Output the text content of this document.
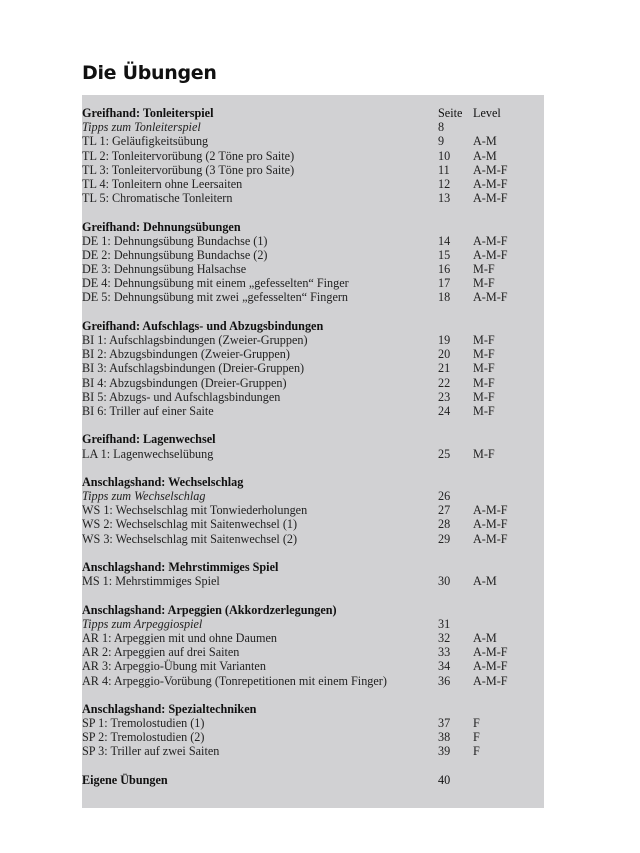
Die Übungen
Greifhand: Tonleiterspiel	Seite Level
Tipps zum Tonleiterspiel	8
TL 1: Geläufigkeitsübung	9 A-M
TL 2: Tonleitervorübung (2 Töne pro Saite)	10 A-M
TL 3: Tonleitervorübung (3 Töne pro Saite)	11 A-M-F
TL 4: Tonleitern ohne Leersaiten	12 A-M-F
TL 5: Chromatische Tonleitern	13 A-M-F
Greifhand: Dehnungsübungen
DE 1: Dehnungsübung Bundachse (1)	14 A-M-F
DE 2: Dehnungsübung Bundachse (2)	15 A-M-F
DE 3: Dehnungsübung Halsachse	16 M-F
DE 4: Dehnungsübung mit einem „gefesselten“ Finger	17 M-F
DE 5: Dehnungsübung mit zwei „gefesselten“ Fingern	18 A-M-F
Greifhand: Aufschlags- und Abzugsbindungen
BI 1: Aufschlagsbindungen (Zweier-Gruppen)	19 M-F
BI 2: Abzugsbindungen (Zweier-Gruppen)	20 M-F
BI 3: Aufschlagsbindungen (Dreier-Gruppen)	21 M-F
BI 4: Abzugsbindungen (Dreier-Gruppen)	22 M-F
BI 5: Abzugs- und Aufschlagsbindungen	23 M-F
BI 6: Triller auf einer Saite	24 M-F
Greifhand: Lagenwechsel
LA 1: Lagenwechselübung	25 M-F
Anschlagshand: Wechselschlag
Tipps zum Wechselschlag	26
WS 1: Wechselschlag mit Tonwiederholungen	27 A-M-F
WS 2: Wechselschlag mit Saitenwechsel (1)	28 A-M-F
WS 3: Wechselschlag mit Saitenwechsel (2)	29 A-M-F
Anschlagshand: Mehrstimmiges Spiel
MS 1: Mehrstimmiges Spiel	30 A-M
Anschlagshand: Arpeggien (Akkordzerlegungen)
Tipps zum Arpeggiospiel	31
AR 1: Arpeggien mit und ohne Daumen	32 A-M
AR 2: Arpeggien auf drei Saiten	33 A-M-F
AR 3: Arpeggio-Übung mit Varianten	34 A-M-F
AR 4: Arpeggio-Vorübung (Tonrepetitionen mit einem Finger)	36 A-M-F
Anschlagshand: Spezialtechniken
SP 1: Tremolostudien (1)	37 F
SP 2: Tremolostudien (2)	38 F
SP 3: Triller auf zwei Saiten	39 F
Eigene Übungen	40
